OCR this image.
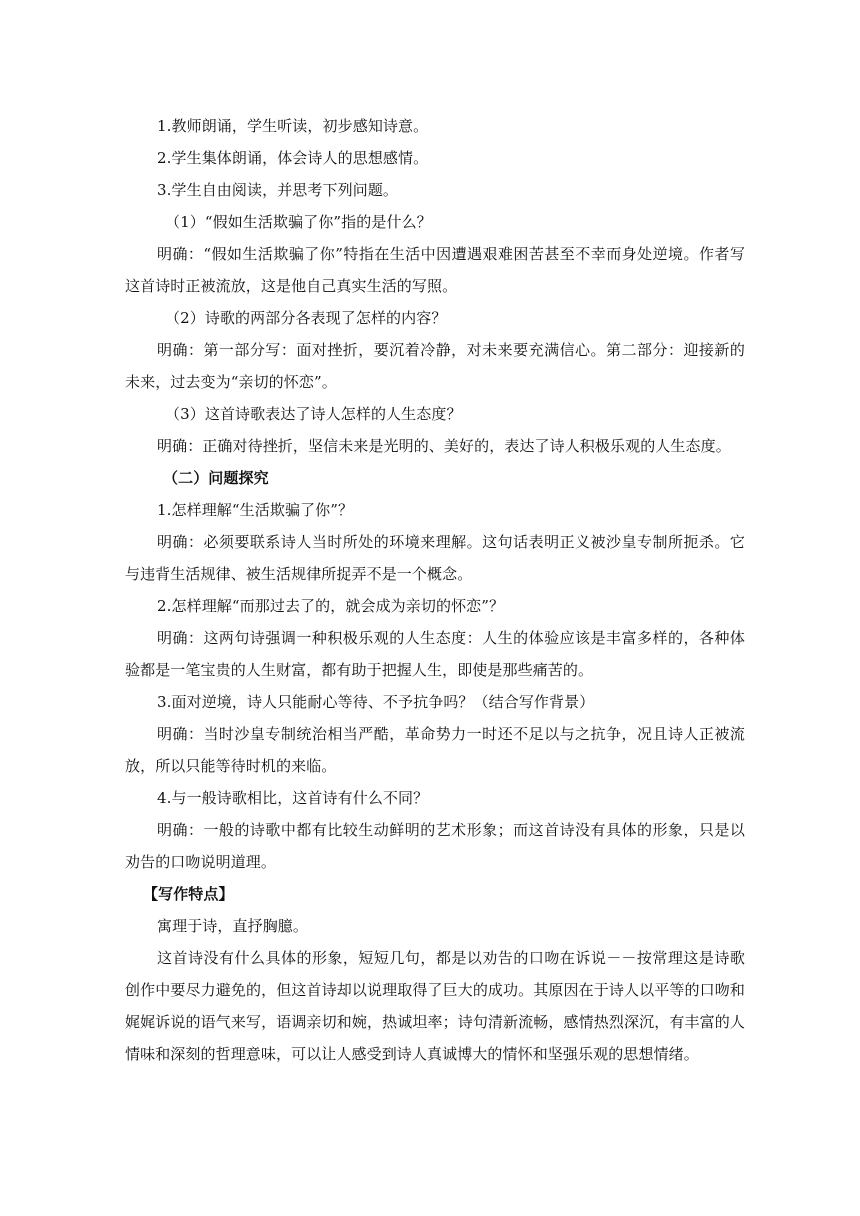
1.教师朗诵，学生听读，初步感知诗意。

2.学生集体朗诵，体会诗人的思想感情。

3.学生自由阅读，并思考下列问题。

（1）“假如生活欺骗了你”指的是什么？

明确：“假如生活欺骗了你”特指在生活中因遭遇艰难困苦甚至不幸而身处逆境。作者写这首诗时正被流放，这是他自己真实生活的写照。

（2）诗歌的两部分各表现了怎样的内容？

明确：第一部分写：面对挫折，要沉着冷静，对未来要充满信心。第二部分：迎接新的未来，过去变为“亲切的怀恋”。

（3）这首诗歌表达了诗人怎样的人生态度？

明确：正确对待挫折，坚信未来是光明的、美好的，表达了诗人积极乐观的人生态度。

（二）问题探究

1.怎样理解“生活欺骗了你”？

明确：必须要联系诗人当时所处的环境来理解。这句话表明正义被沙皇专制所扼杀。它与违背生活规律、被生活规律所捉弄不是一个概念。

2.怎样理解“而那过去了的，就会成为亲切的怀恋”？

明确：这两句诗强调一种积极乐观的人生态度：人生的体验应该是丰富多样的，各种体验都是一笔宝贵的人生财富，都有助于把握人生，即使是那些痛苦的。

3.面对逆境，诗人只能耐心等待、不予抗争吗？（结合写作背景）

明确：当时沙皇专制统治相当严酷，革命势力一时还不足以与之抗争，况且诗人正被流放，所以只能等待时机的来临。

4.与一般诗歌相比，这首诗有什么不同？

明确：一般的诗歌中都有比较生动鲜明的艺术形象；而这首诗没有具体的形象，只是以劝告的口吻说明道理。

【写作特点】

寓理于诗，直抒胸臆。

这首诗没有什么具体的形象，短短几句，都是以劝告的口吻在诉说－－按常理这是诗歌创作中要尽力避免的，但这首诗却以说理取得了巨大的成功。其原因在于诗人以平等的口吻和娓娓诉说的语气来写，语调亲切和婉，热诚坦率；诗句清新流畅，感情热烈深沉，有丰富的人情味和深刻的哲理意味，可以让人感受到诗人真诚博大的情怀和坚强乐观的思想情绪。
